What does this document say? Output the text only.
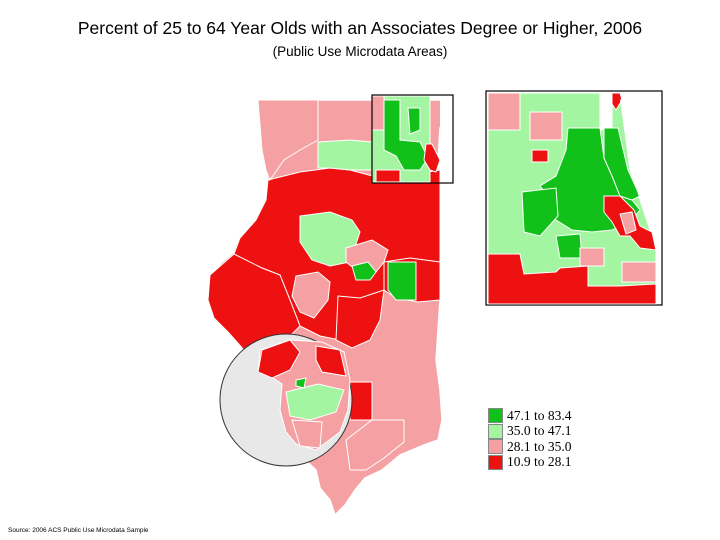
Percent of 25 to 64 Year Olds with an Associates Degree or Higher, 2006
(Public Use Microdata Areas)
47.1 to 83.4
35.0 to 47.1
28.1 to 35.0
10.9 to 28.1
Source: 2006 ACS Public Use Microdata Sample
